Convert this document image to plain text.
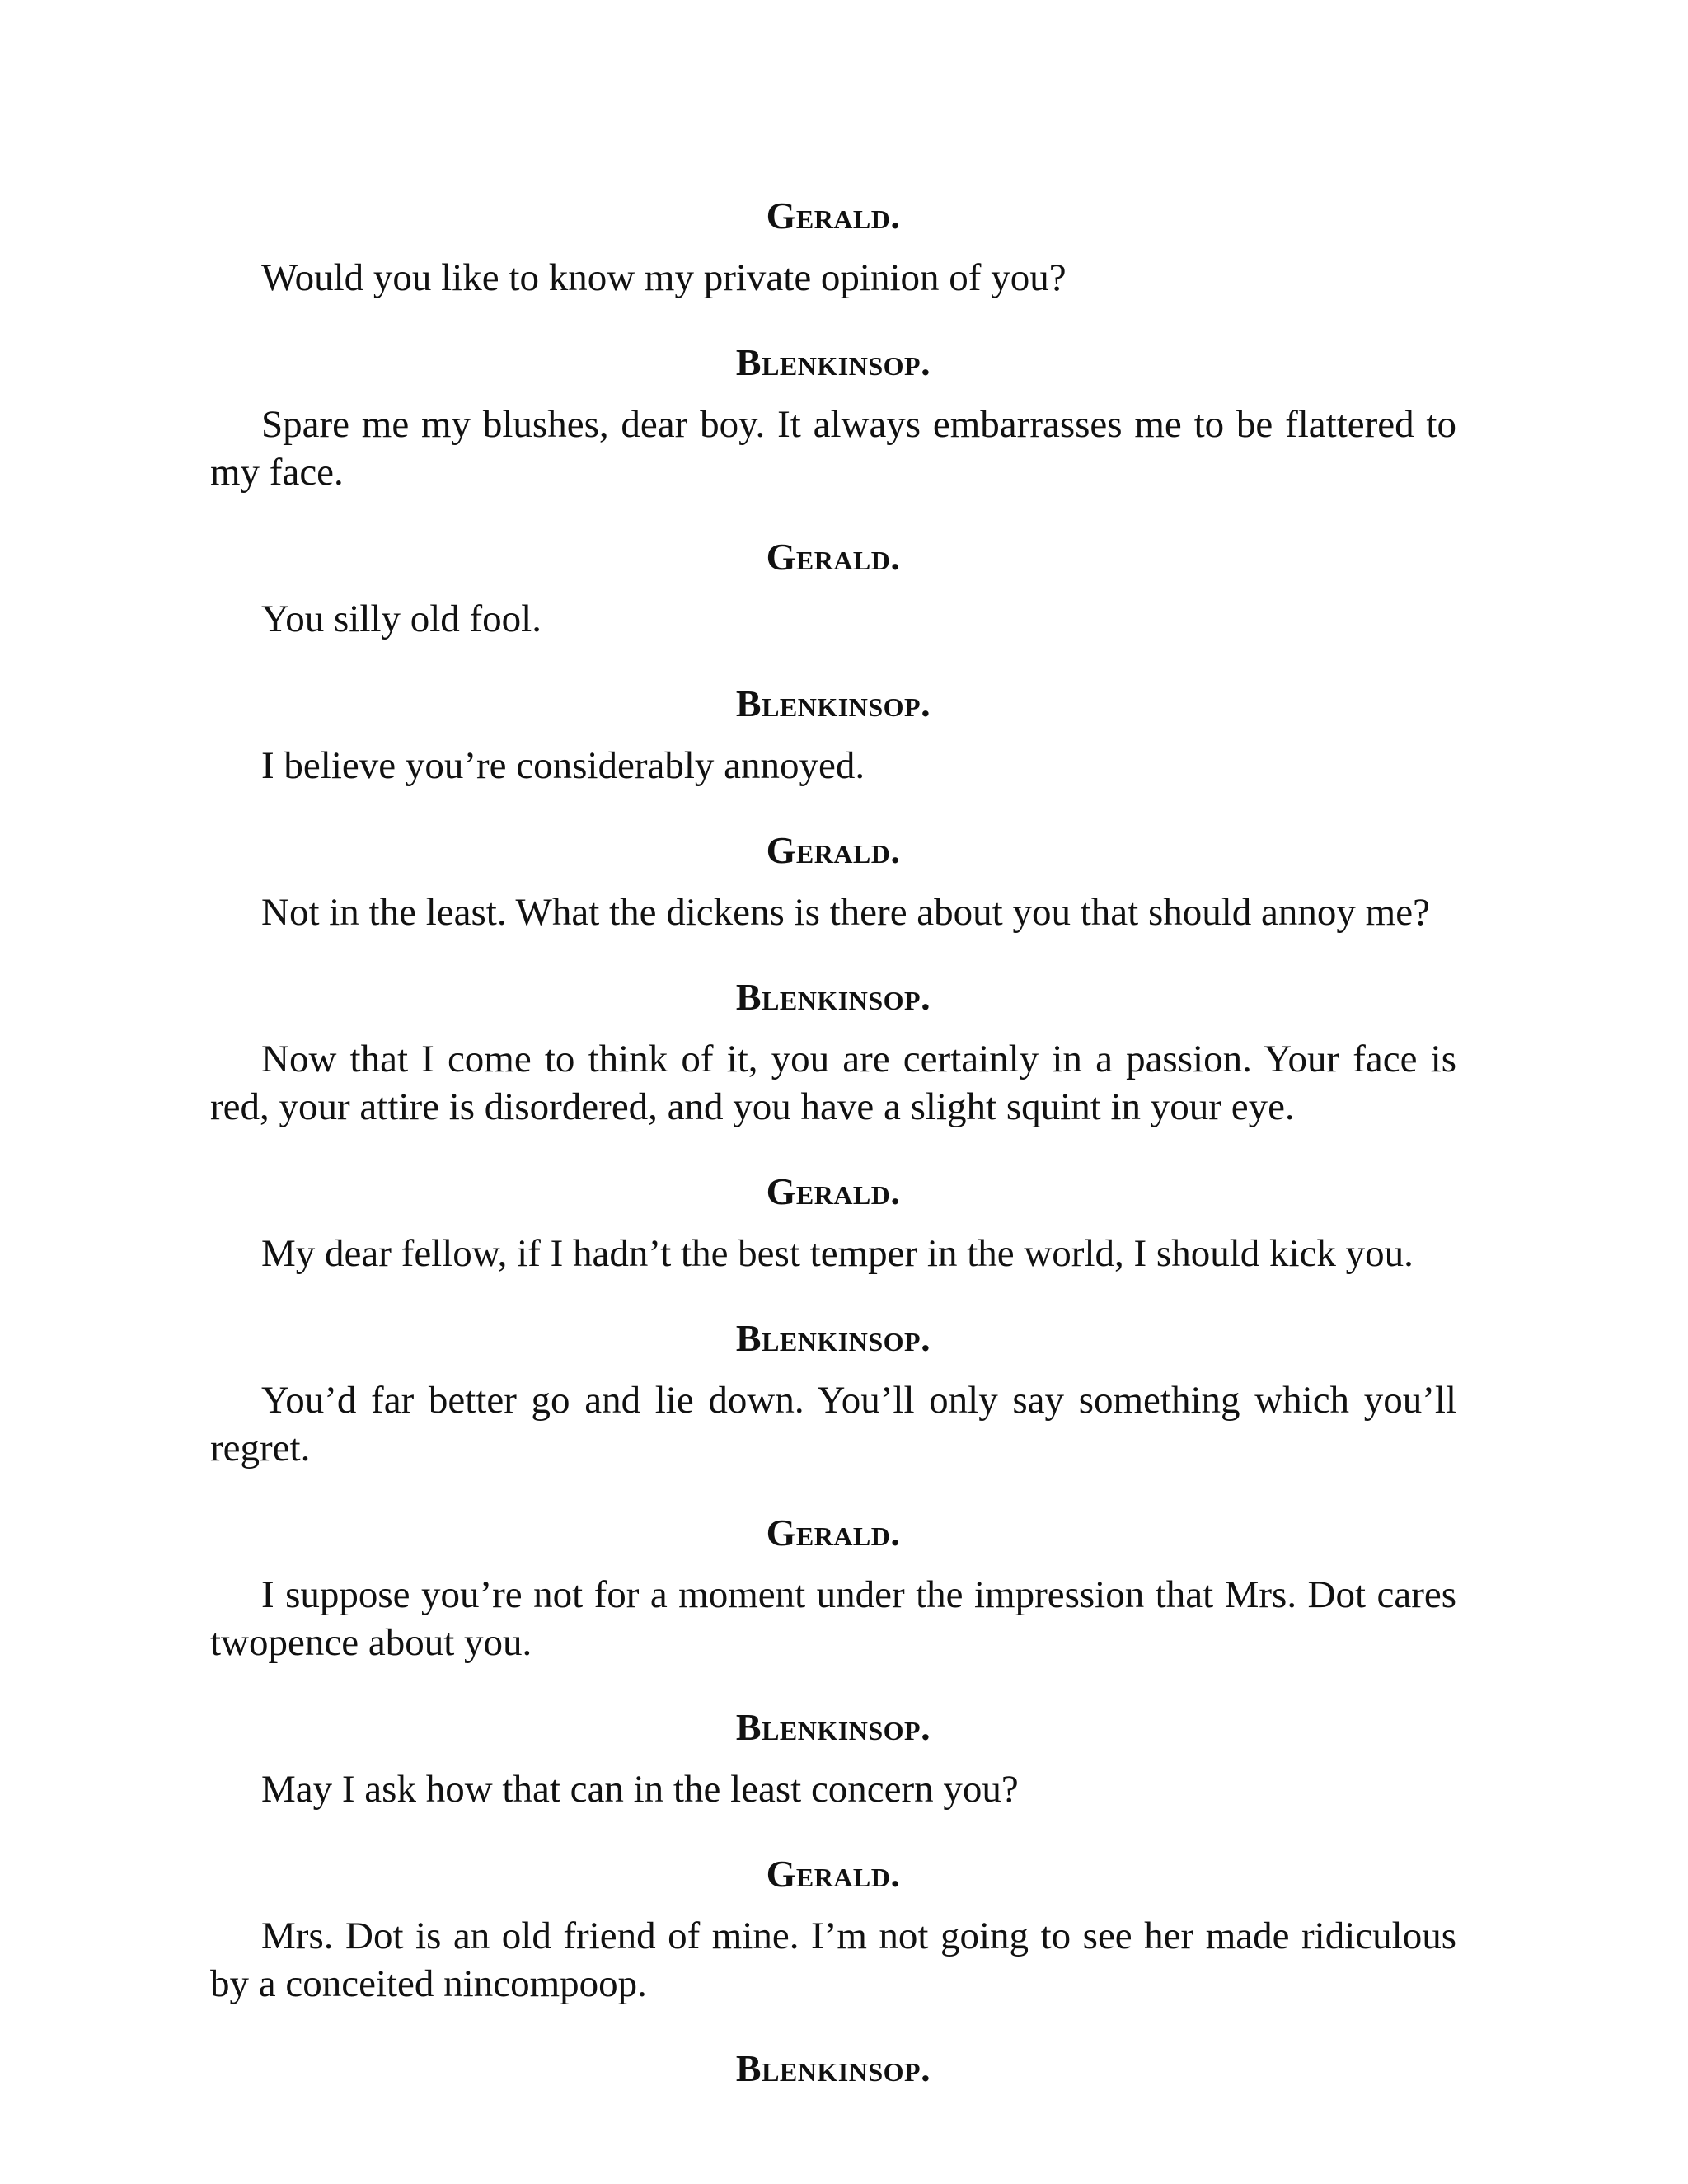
Gerald.

Would you like to know my private opinion of you?

Blenkinsop.

Spare me my blushes, dear boy. It always embarrasses me to be flattered to my face.

Gerald.

You silly old fool.

Blenkinsop.

I believe you’re considerably annoyed.

Gerald.

Not in the least. What the dickens is there about you that should annoy me?

Blenkinsop.

Now that I come to think of it, you are certainly in a passion. Your face is red, your attire is disordered, and you have a slight squint in your eye.

Gerald.

My dear fellow, if I hadn’t the best temper in the world, I should kick you.

Blenkinsop.

You’d far better go and lie down. You’ll only say something which you’ll regret.

Gerald.

I suppose you’re not for a moment under the impression that Mrs. Dot cares twopence about you.

Blenkinsop.

May I ask how that can in the least concern you?

Gerald.

Mrs. Dot is an old friend of mine. I’m not going to see her made ridiculous by a conceited nincompoop.

Blenkinsop.
